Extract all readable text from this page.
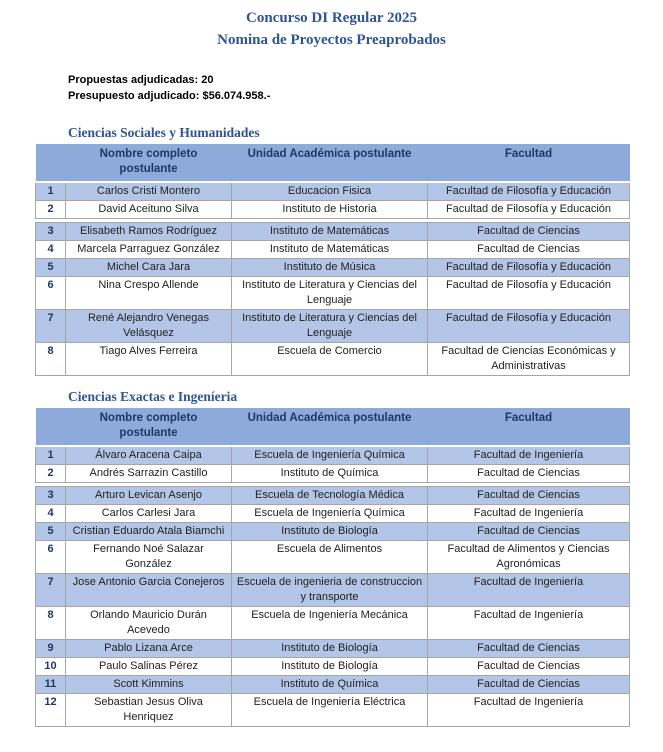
Concurso DI Regular 2025
Nomina de Proyectos Preaprobados
Propuestas adjudicadas: 20
Presupuesto adjudicado: $56.074.958.-
Ciencias Sociales y Humanidades
	Nombre completo postulante	Unidad Académica postulante	Facultad
1	Carlos Cristi Montero	Educacion Fisica	Facultad de Filosofía y Educación
2	David Aceituno Silva	Instituto de Historia	Facultad de Filosofía y Educación

3	Elisabeth Ramos Rodríguez	Instituto de Matemáticas	Facultad de Ciencias
4	Marcela Parraguez González	Instituto de Matemáticas	Facultad de Ciencias
5	Michel Cara Jara	Instituto de Música	Facultad de Filosofía y Educación
6	Nina Crespo Allende	Instituto de Literatura y Ciencias del Lenguaje	Facultad de Filosofía y Educación
7	René Alejandro Venegas Velásquez	Instituto de Literatura y Ciencias del Lenguaje	Facultad de Filosofía y Educación
8	Tiago Alves Ferreira	Escuela de Comercio	Facultad de Ciencias Económicas y Administrativas
Ciencias Exactas e Ingeníeria
	Nombre completo postulante	Unidad Académica postulante	Facultad
1	Álvaro Aracena Caipa	Escuela de Ingeniería Química	Facultad de Ingeniería
2	Andrés Sarrazin Castillo	Instituto de Química	Facultad de Ciencias

3	Arturo Levican Asenjo	Escuela de Tecnología Médica	Facultad de Ciencias
4	Carlos Carlesi Jara	Escuela de Ingeniería Química	Facultad de Ingeniería
5	Cristian Eduardo Atala Biamchi	Instituto de Biología	Facultad de Ciencias
6	Fernando Noé Salazar González	Escuela de Alimentos	Facultad de Alimentos y Ciencias Agronómicas
7	Jose Antonio Garcia Conejeros	Escuela de ingenieria de construccion y transporte	Facultad de Ingeniería
8	Orlando Mauricio Durán Acevedo	Escuela de Ingeniería Mecánica	Facultad de Ingeniería
9	Pablo Lizana Arce	Instituto de Biología	Facultad de Ciencias
10	Paulo Salinas Pérez	Instituto de Biología	Facultad de Ciencias
11	Scott Kimmins	Instituto de Química	Facultad de Ciencias
12	Sebastian Jesus Oliva Henriquez	Escuela de Ingeniería Eléctrica	Facultad de Ingeniería
